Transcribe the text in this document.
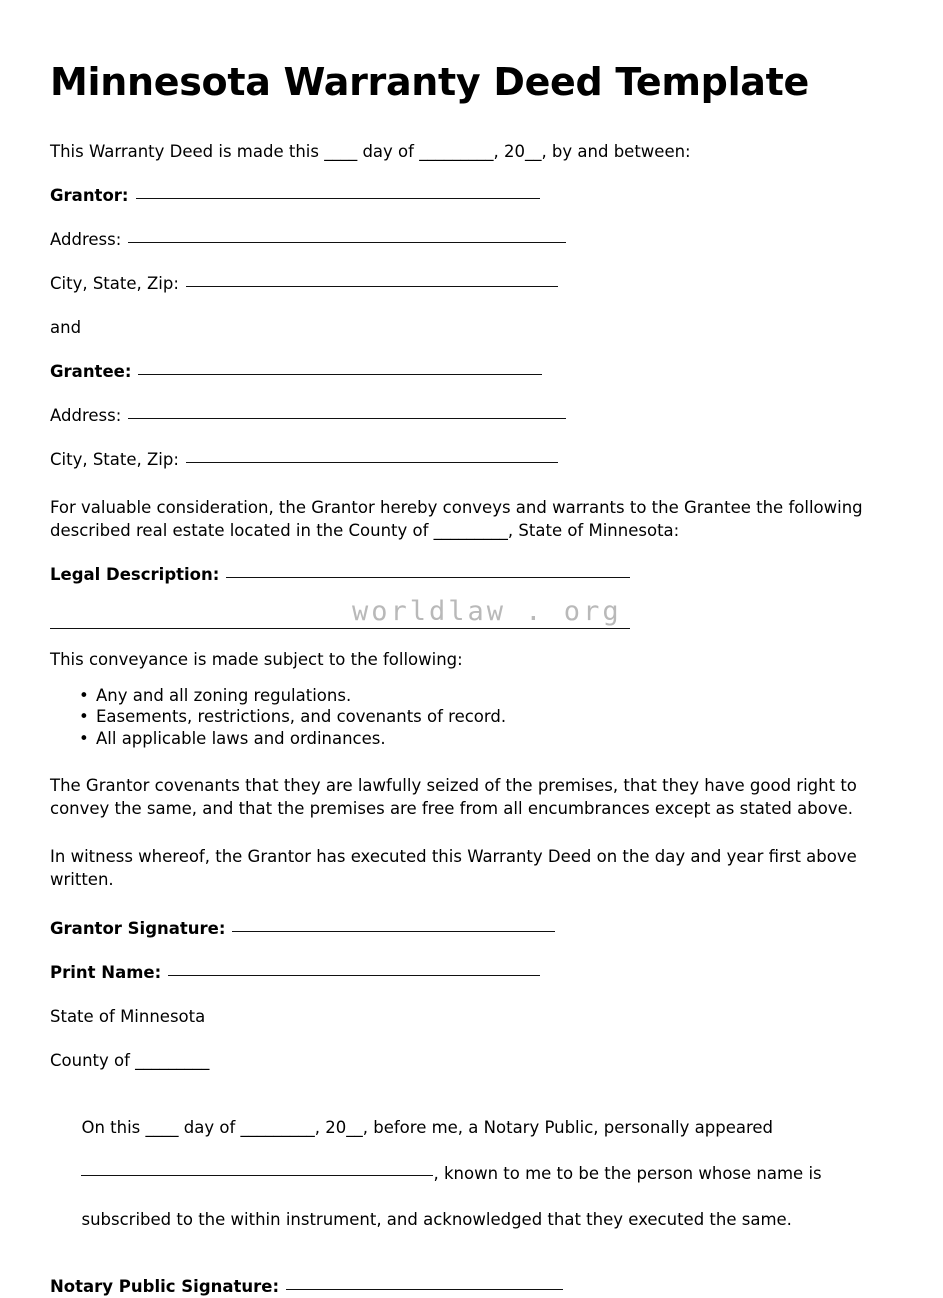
worldlaw . org
Minnesota Warranty Deed Template

This Warranty Deed is made this ____ day of _________, 20__, by and between:

Grantor:
Address:
City, State, Zip:

and

Grantee:
Address:
City, State, Zip:

For valuable consideration, the Grantor hereby conveys and warrants to the Grantee the following described real estate located in the County of _________, State of Minnesota:

Legal Description:

This conveyance is made subject to the following:

• Any and all zoning regulations.
• Easements, restrictions, and covenants of record.
• All applicable laws and ordinances.

The Grantor covenants that they are lawfully seized of the premises, that they have good right to convey the same, and that the premises are free from all encumbrances except as stated above.

In witness whereof, the Grantor has executed this Warranty Deed on the day and year first above written.

Grantor Signature:
Print Name:

State of Minnesota

County of _________

On this ____ day of _________, 20__, before me, a Notary Public, personally appeared

, known to me to be the person whose name is

subscribed to the within instrument, and acknowledged that they executed the same.

Notary Public Signature:
